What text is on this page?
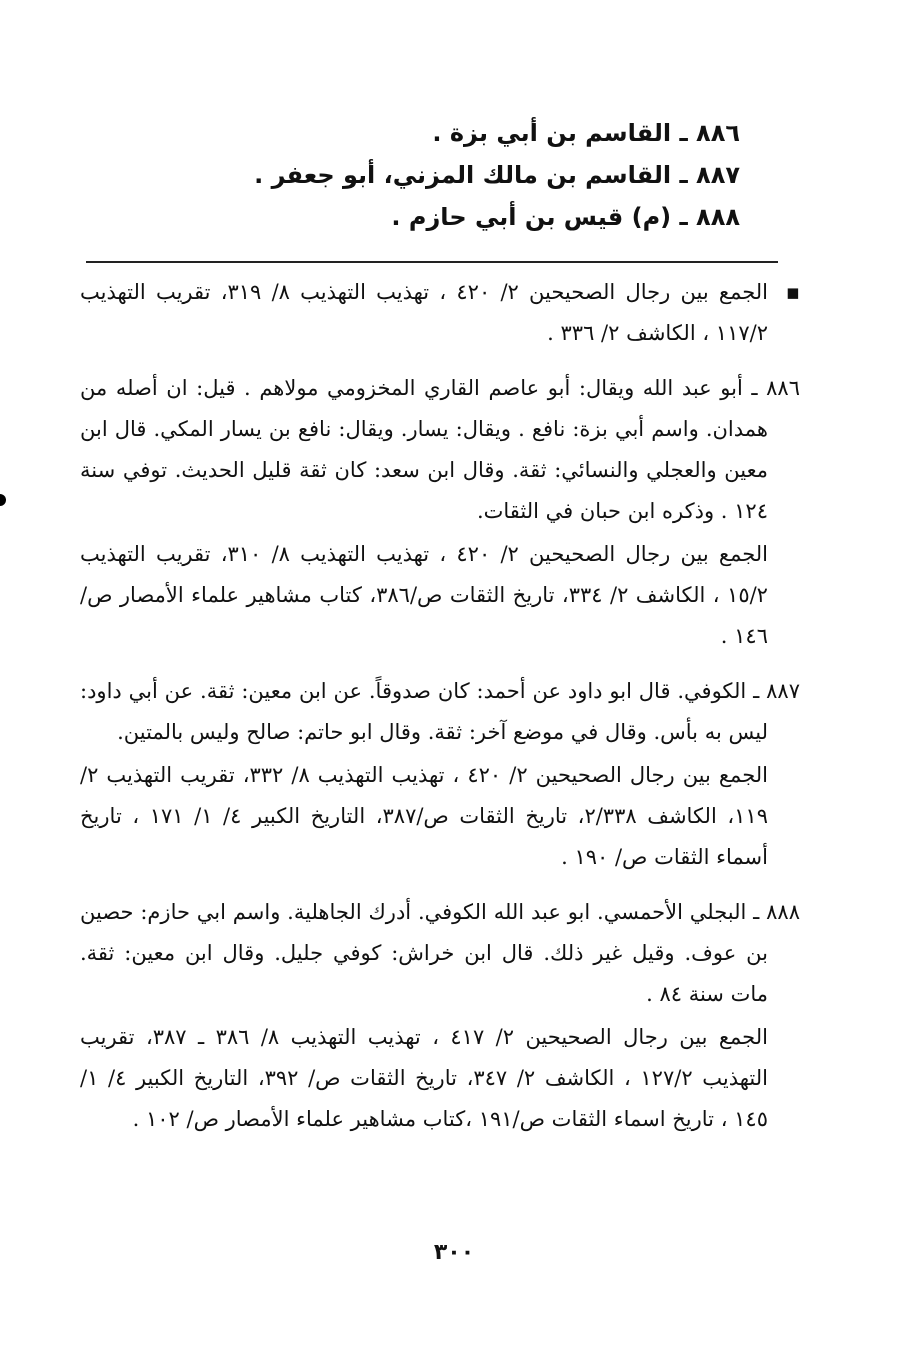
٨٨٦ ـ القاسم بن أبي بزة .
٨٨٧ ـ القاسم بن مالك المزني، أبو جعفر .
٨٨٨ ـ (م) قيس بن أبي حازم .
▪الجمع بين رجال الصحيحين ٢/ ٤٢٠ ، تهذيب التهذيب ٨/ ٣١٩، تقريب التهذيب ١١٧/٢ ، الكاشف ٢/ ٣٣٦ .
٨٨٦ ـ أبو عبد الله ويقال: أبو عاصم القاري المخزومي مولاهم . قيل: ان أصله من همدان. واسم أبي بزة: نافع . ويقال: يسار. ويقال: نافع بن يسار المكي. قال ابن معين والعجلي والنسائي: ثقة. وقال ابن سعد: كان ثقة قليل الحديث. توفي سنة ١٢٤ . وذكره ابن حبان في الثقات.
الجمع بين رجال الصحيحين ٢/ ٤٢٠ ، تهذيب التهذيب ٨/ ٣١٠، تقريب التهذيب ١٥/٢ ، الكاشف ٢/ ٣٣٤، تاريخ الثقات ص/٣٨٦، كتاب مشاهير علماء الأمصار ص/١٤٦ .
٨٨٧ ـ الكوفي. قال ابو داود عن أحمد: كان صدوقاً. عن ابن معين: ثقة. عن أبي داود: ليس به بأس. وقال في موضع آخر: ثقة. وقال ابو حاتم: صالح وليس بالمتين.
الجمع بين رجال الصحيحين ٢/ ٤٢٠ ، تهذيب التهذيب ٨/ ٣٣٢، تقريب التهذيب ٢/ ١١٩، الكاشف ٢/٣٣٨، تاريخ الثقات ص/٣٨٧، التاريخ الكبير ٤/ ١/ ١٧١ ، تاريخ أسماء الثقات ص/ ١٩٠ .
٨٨٨ ـ البجلي الأحمسي. ابو عبد الله الكوفي. أدرك الجاهلية. واسم ابي حازم: حصين بن عوف. وقيل غير ذلك. قال ابن خراش: كوفي جليل. وقال ابن معين: ثقة. مات سنة ٨٤ .
الجمع بين رجال الصحيحين ٢/ ٤١٧ ، تهذيب التهذيب ٨/ ٣٨٦ ـ ٣٨٧، تقريب التهذيب ١٢٧/٢ ، الكاشف ٢/ ٣٤٧، تاريخ الثقات ص/ ٣٩٢، التاريخ الكبير ٤/ ١/ ١٤٥ ، تاريخ اسماء الثقات ص/١٩١ ،كتاب مشاهير علماء الأمصار ص/ ١٠٢ .
٣٠٠
